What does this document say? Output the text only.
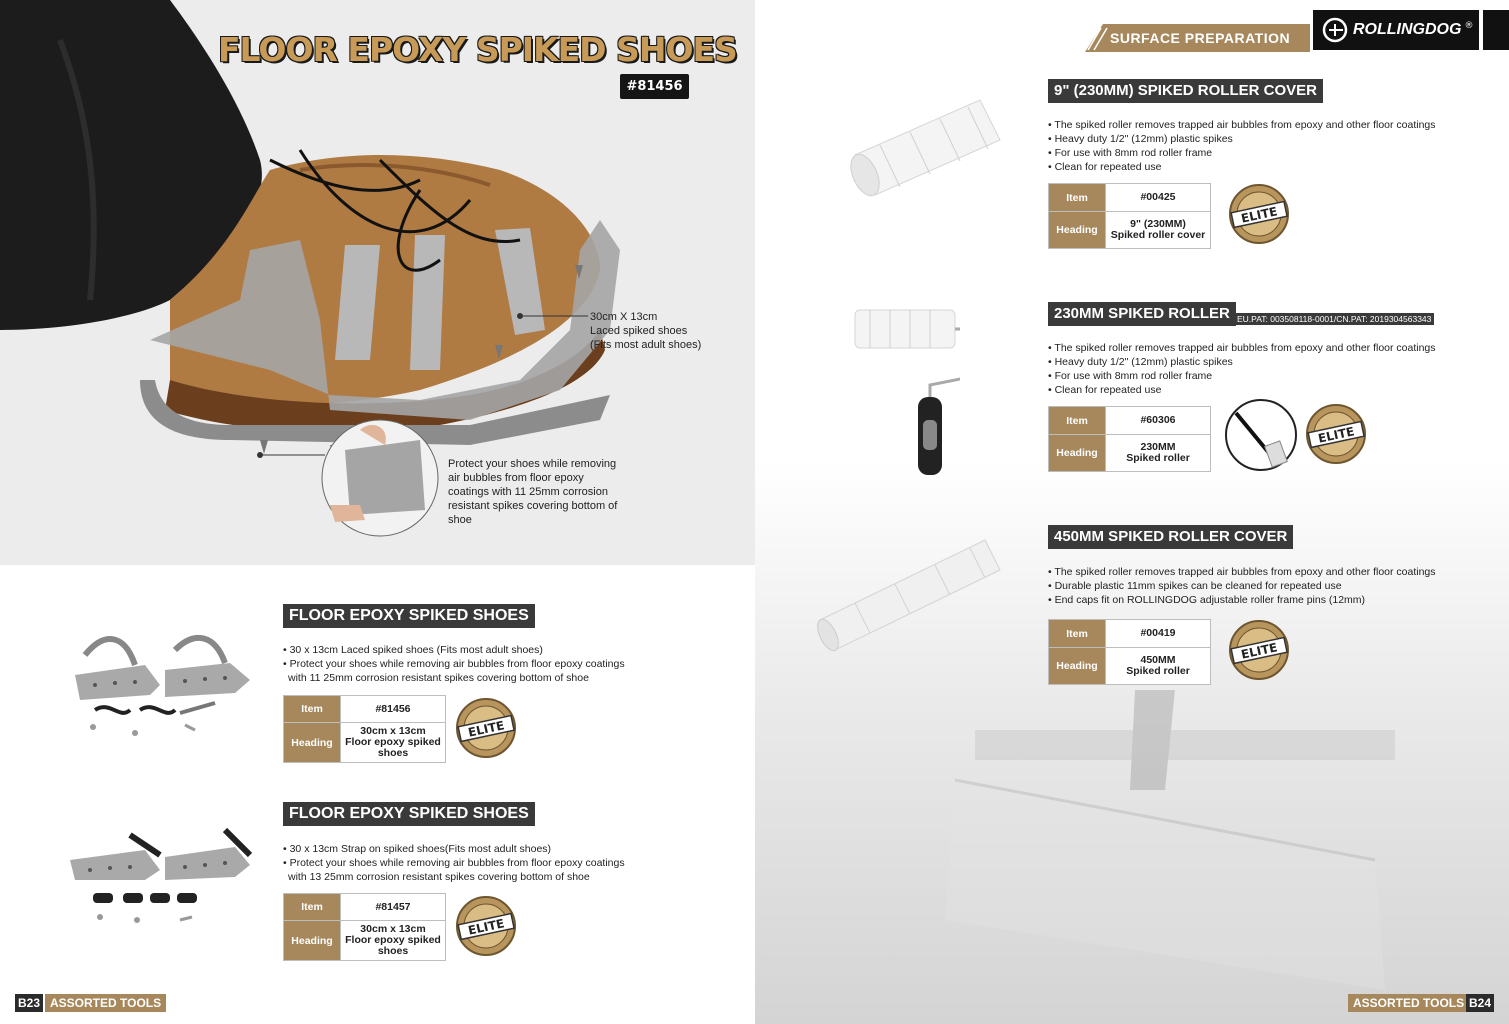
FLOOR EPOXY SPIKED SHOES
#81456
30cm X 13cm
Laced spiked shoes
(Fits most adult shoes)
Protect your shoes while removing
air bubbles from floor epoxy
coatings with 11 25mm corrosion
resistant spikes covering bottom of
shoe
FLOOR EPOXY SPIKED SHOES
• 30 x 13cm Laced spiked shoes (Fits most adult shoes)
• Protect your shoes while removing air bubbles from floor epoxy coatings
with 11 25mm corrosion resistant spikes covering bottom of shoe
Item	#81456
Heading	30cm x 13cm
Floor epoxy spiked
shoes
ELITE
FLOOR EPOXY SPIKED SHOES
• 30 x 13cm Strap on spiked shoes(Fits most adult shoes)
• Protect your shoes while removing air bubbles from floor epoxy coatings
with 13 25mm corrosion resistant spikes covering bottom of shoe
Item	#81457
Heading	30cm x 13cm
Floor epoxy spiked
shoes
ELITE
B23 ASSORTED TOOLS
SURFACE PREPARATION	ROLLINGDOG ®
9" (230MM) SPIKED ROLLER COVER
• The spiked roller removes trapped air bubbles from epoxy and other floor coatings
• Heavy duty 1/2" (12mm) plastic spikes
• For use with 8mm rod roller frame
• Clean for repeated use
Item	#00425
Heading	9" (230MM)
Spiked roller cover
ELITE
230MM SPIKED ROLLER EU.PAT: 003508118-0001/CN.PAT: 2019304563343
• The spiked roller removes trapped air bubbles from epoxy and other floor coatings
• Heavy duty 1/2" (12mm) plastic spikes
• For use with 8mm rod roller frame
• Clean for repeated use
Item	#60306
Heading	230MM
Spiked roller
ELITE
450MM SPIKED ROLLER COVER
• The spiked roller removes trapped air bubbles from epoxy and other floor coatings
• Durable plastic 11mm spikes can be cleaned for repeated use
• End caps fit on ROLLINGDOG adjustable roller frame pins (12mm)
Item	#00419
Heading	450MM
Spiked roller
ELITE
ASSORTED TOOLS B24
